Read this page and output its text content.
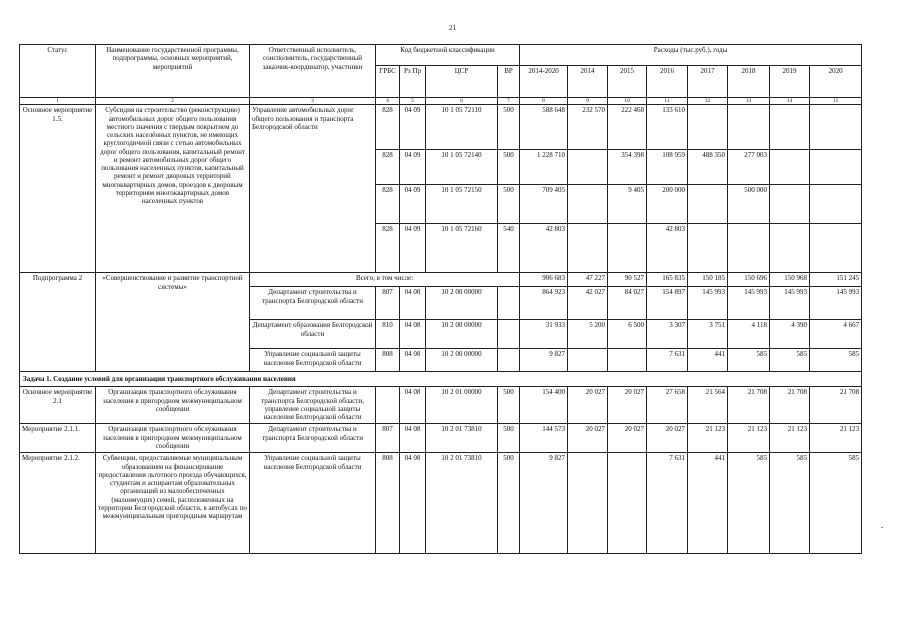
21
Статус	Наименование государственной программы, подпрограммы, основных мероприятий, мероприятий	Ответственный исполнитель, соисполнитель, государственный заказчик-координатор, участники	Код бюджетной классификации				Расходы (тыс.руб.), годы							
			ГРБС	Рз Пр	ЦСР	ВР	2014-2020	2014	2015	2016	2017	2018	2019	2020
1	2	3	4	5	6	7	8	9	10	11	12	13	14	15
Основное мероприятие 1.5.	Субсидия на строительство (реконструкцию) автомобильных дорог общего пользования местного значения с твердым покрытием до сельских населённых пунктов, не имеющих круглогодичной связи с сетью автомобильных дорог общего пользования, капитальный ремонт и ремонт автомобильных дорог общего пользования населенных пунктов, капитальный ремонт и ремонт дворовых территорий многоквартирных домов, проездов к дворовым территориям многоквартирных домов населенных пунктов	Управление автомобильных дорог общего пользования и транспорта Белгородской области	828	04 09	10 1 05 72110	500	588 648	232 570	222 468	133 610				
			828	04 09	10 1 05 72140	500	1 228 710		354 398	108 959	488 350	277 003		
			828	04 09	10 1 05 72150	500	709 405		9 405	200 000		500 000		
			828	04 09	10 1 05 72160	540	42 803			42 803				
Подпрограмма 2	«Совершенствование и развитие транспортной системы»	Всего, в том числе:					906 683	47 227	90 527	165 835	150 185	150 696	150 968	151 245
		Департамент строительства и транспорта Белгородской области	807	04 08	10 2 00 00000		864 923	42 027	84 027	154 897	145 993	145 993	145 993	145 993
		Департамент образования Белгородской области	810	04 08	10 2 00 00000		31 933	5 200	6 500	3 307	3 751	4 118	4 390	4 667
		Управление социальной защиты населения Белгородской области	808	04 08	10 2 00 00000		9 827			7 631	441	585	585	585
Задача 1. Создание условий для организации транспортного обслуживания населения														
Основное мероприятие 2.1	Организация транспортного обслуживания населения в пригородном межмуниципальном сообщении	Департамент строительства и транспорта Белгородской области, управление социальной защиты населения Белгородской области		04 08	10 2 01 00000	500	154 400	20 027	20 027	27 658	21 564	21 708	21 708	21 708
Мероприятие 2.1.1.	Организация транспортного обслуживания населения в пригородном межмуниципальном сообщении	Департамент строительства и транспорта Белгородской области	807	04 08	10 2 01 73810	500	144 573	20 027	20 027	20 027	21 123	21 123	21 123	21 123
Мероприятие 2.1.2.	Субвенции, предоставляемые муниципальным образованиям на финансирование предоставления льготного проезда обучающихся, студентам и аспирантам образовательных организаций из малообеспеченных (малоимущих) семей, расположенных на территории Белгородской области, в автобусах по межмуниципальным пригородным маршрутам	Управление социальной защиты населения Белгородской области	808	04 08	10 2 01 73810	500	9 827			7 631	441	585	585	585
-
